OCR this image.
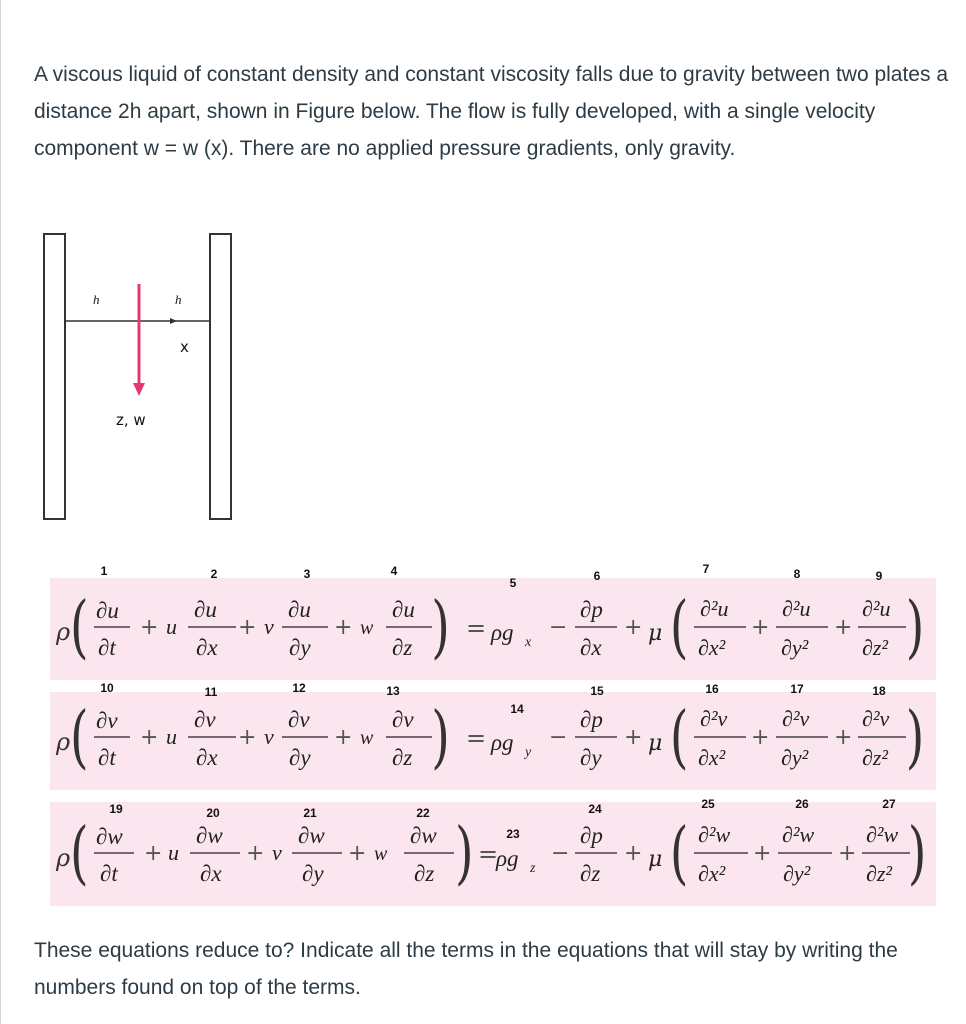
A viscous liquid of constant density and constant viscosity falls due to gravity between two plates a distance 2h apart, shown in Figure below. The flow is fully developed, with a single velocity component w = w (x). There are no applied pressure gradients, only gravity.

h	h
x
z, w
1	2	3	4
5	6	7	8	9
ρ ( ∂u
∂t
+ u
∂u
∂x
+ v
∂u
∂y
+ w
∂u
∂z ) = ρg x
−
∂p
∂x
+ μ ( ∂²u
∂x²
+
∂²u
∂y²
+
∂²u
∂z² )
10	11	12	13
14
15	16	17	18
ρ ( ∂v
∂t
+ u
∂v
∂x
+ v
∂v
∂y
+ w
∂v
∂z ) = ρg y
−
∂p
∂y
+ μ ( ∂²v
∂x²
+
∂²v
∂y²
+
∂²v
∂z² )
19	20	21	22
23
24	25	26	27
ρ ( ∂w
∂t
+ u
∂w
∂x
+ v
∂w
∂y
+ w
∂w
∂z ) =
ρg z
−
∂p
∂z
+ μ ( ∂²w
∂x²
+
∂²w
∂y²
+
∂²w
∂z² )

These equations reduce to? Indicate all the terms in the equations that will stay by writing the numbers found on top of the terms.
